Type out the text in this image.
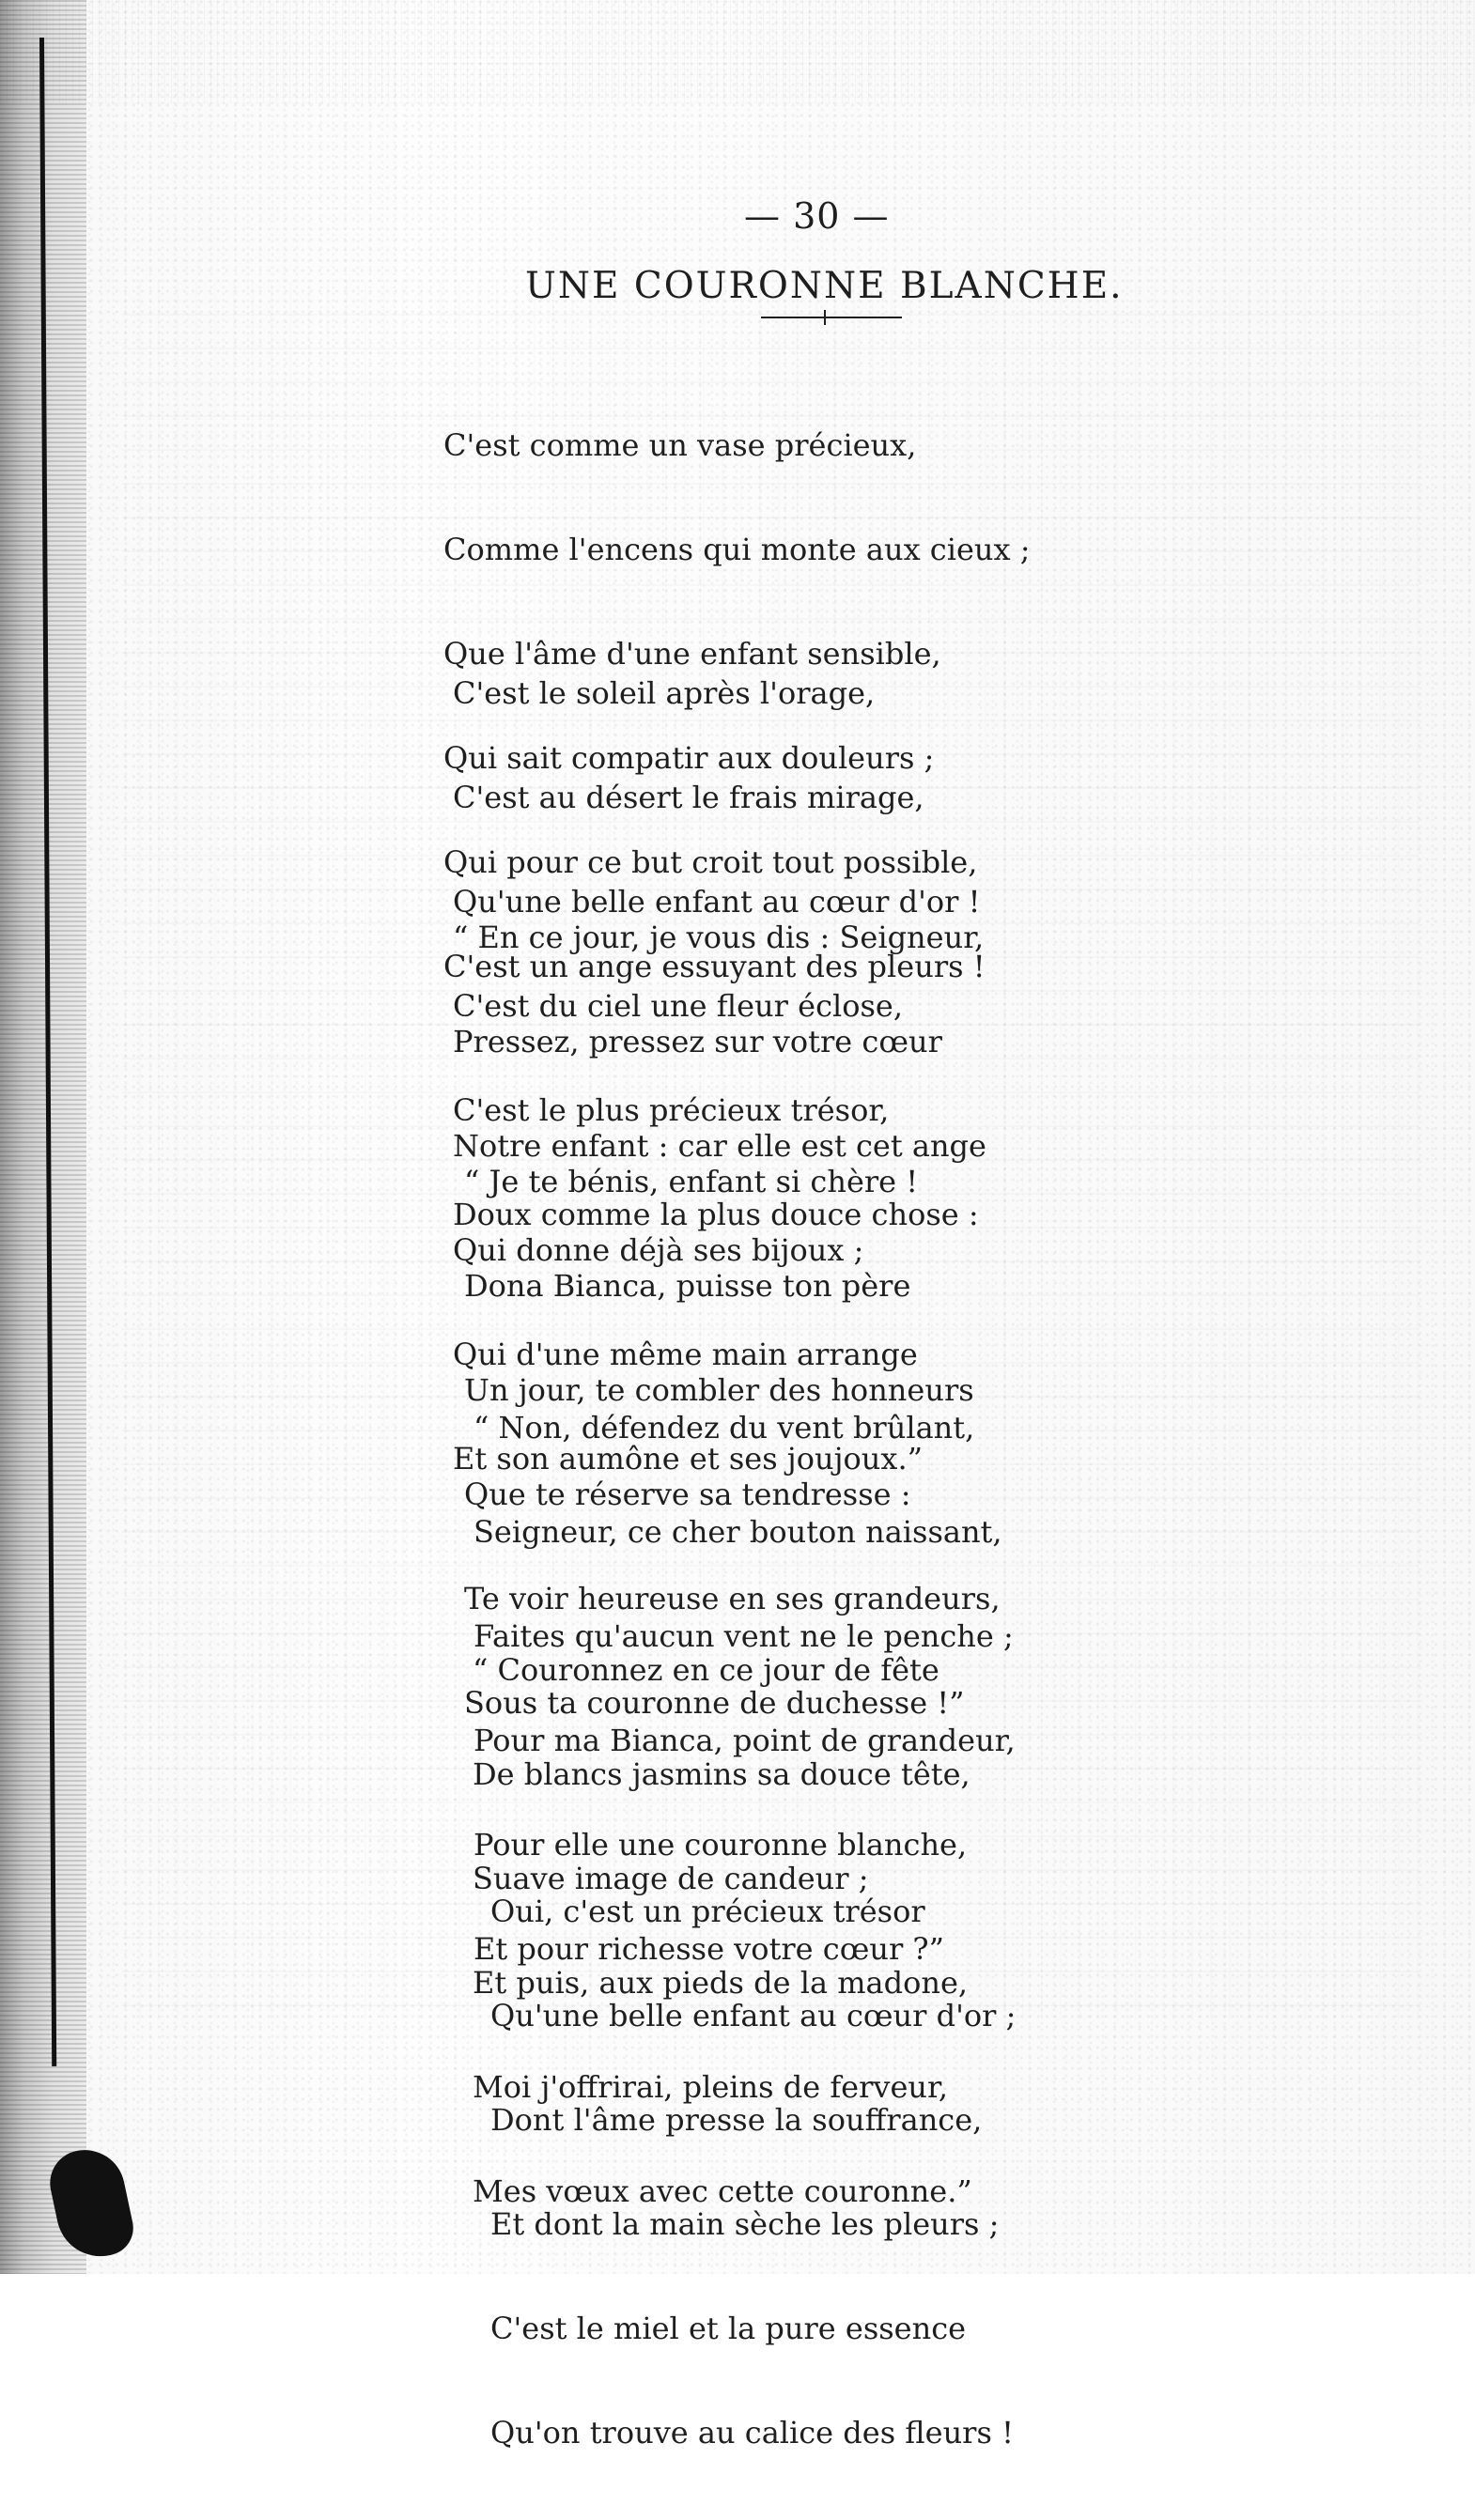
— 30 —
UNE COURONNE BLANCHE.

C'est comme un vase précieux,

Comme l'encens qui monte aux cieux ;

Que l'âme d'une enfant sensible,

Qui sait compatir aux douleurs ;

Qui pour ce but croit tout possible,

C'est un ange essuyant des pleurs !

C'est le soleil après l'orage,

C'est au désert le frais mirage,

Qu'une belle enfant au cœur d'or !

C'est du ciel une fleur éclose,

C'est le plus précieux trésor,

Doux comme la plus douce chose :

“ En ce jour, je vous dis : Seigneur,

Pressez, pressez sur votre cœur

Notre enfant : car elle est cet ange

Qui donne déjà ses bijoux ;

Qui d'une même main arrange

Et son aumône et ses joujoux.”

“ Je te bénis, enfant si chère !

Dona Bianca, puisse ton père

Un jour, te combler des honneurs

Que te réserve sa tendresse :

Te voir heureuse en ses grandeurs,

Sous ta couronne de duchesse !”

“ Non, défendez du vent brûlant,

Seigneur, ce cher bouton naissant,

Faites qu'aucun vent ne le penche ;

Pour ma Bianca, point de grandeur,

Pour elle une couronne blanche,

Et pour richesse votre cœur ?”

“ Couronnez en ce jour de fête

De blancs jasmins sa douce tête,

Suave image de candeur ;

Et puis, aux pieds de la madone,

Moi j'offrirai, pleins de ferveur,

Mes vœux avec cette couronne.”

Oui, c'est un précieux trésor

Qu'une belle enfant au cœur d'or ;

Dont l'âme presse la souffrance,

Et dont la main sèche les pleurs ;

C'est le miel et la pure essence

Qu'on trouve au calice des fleurs !
